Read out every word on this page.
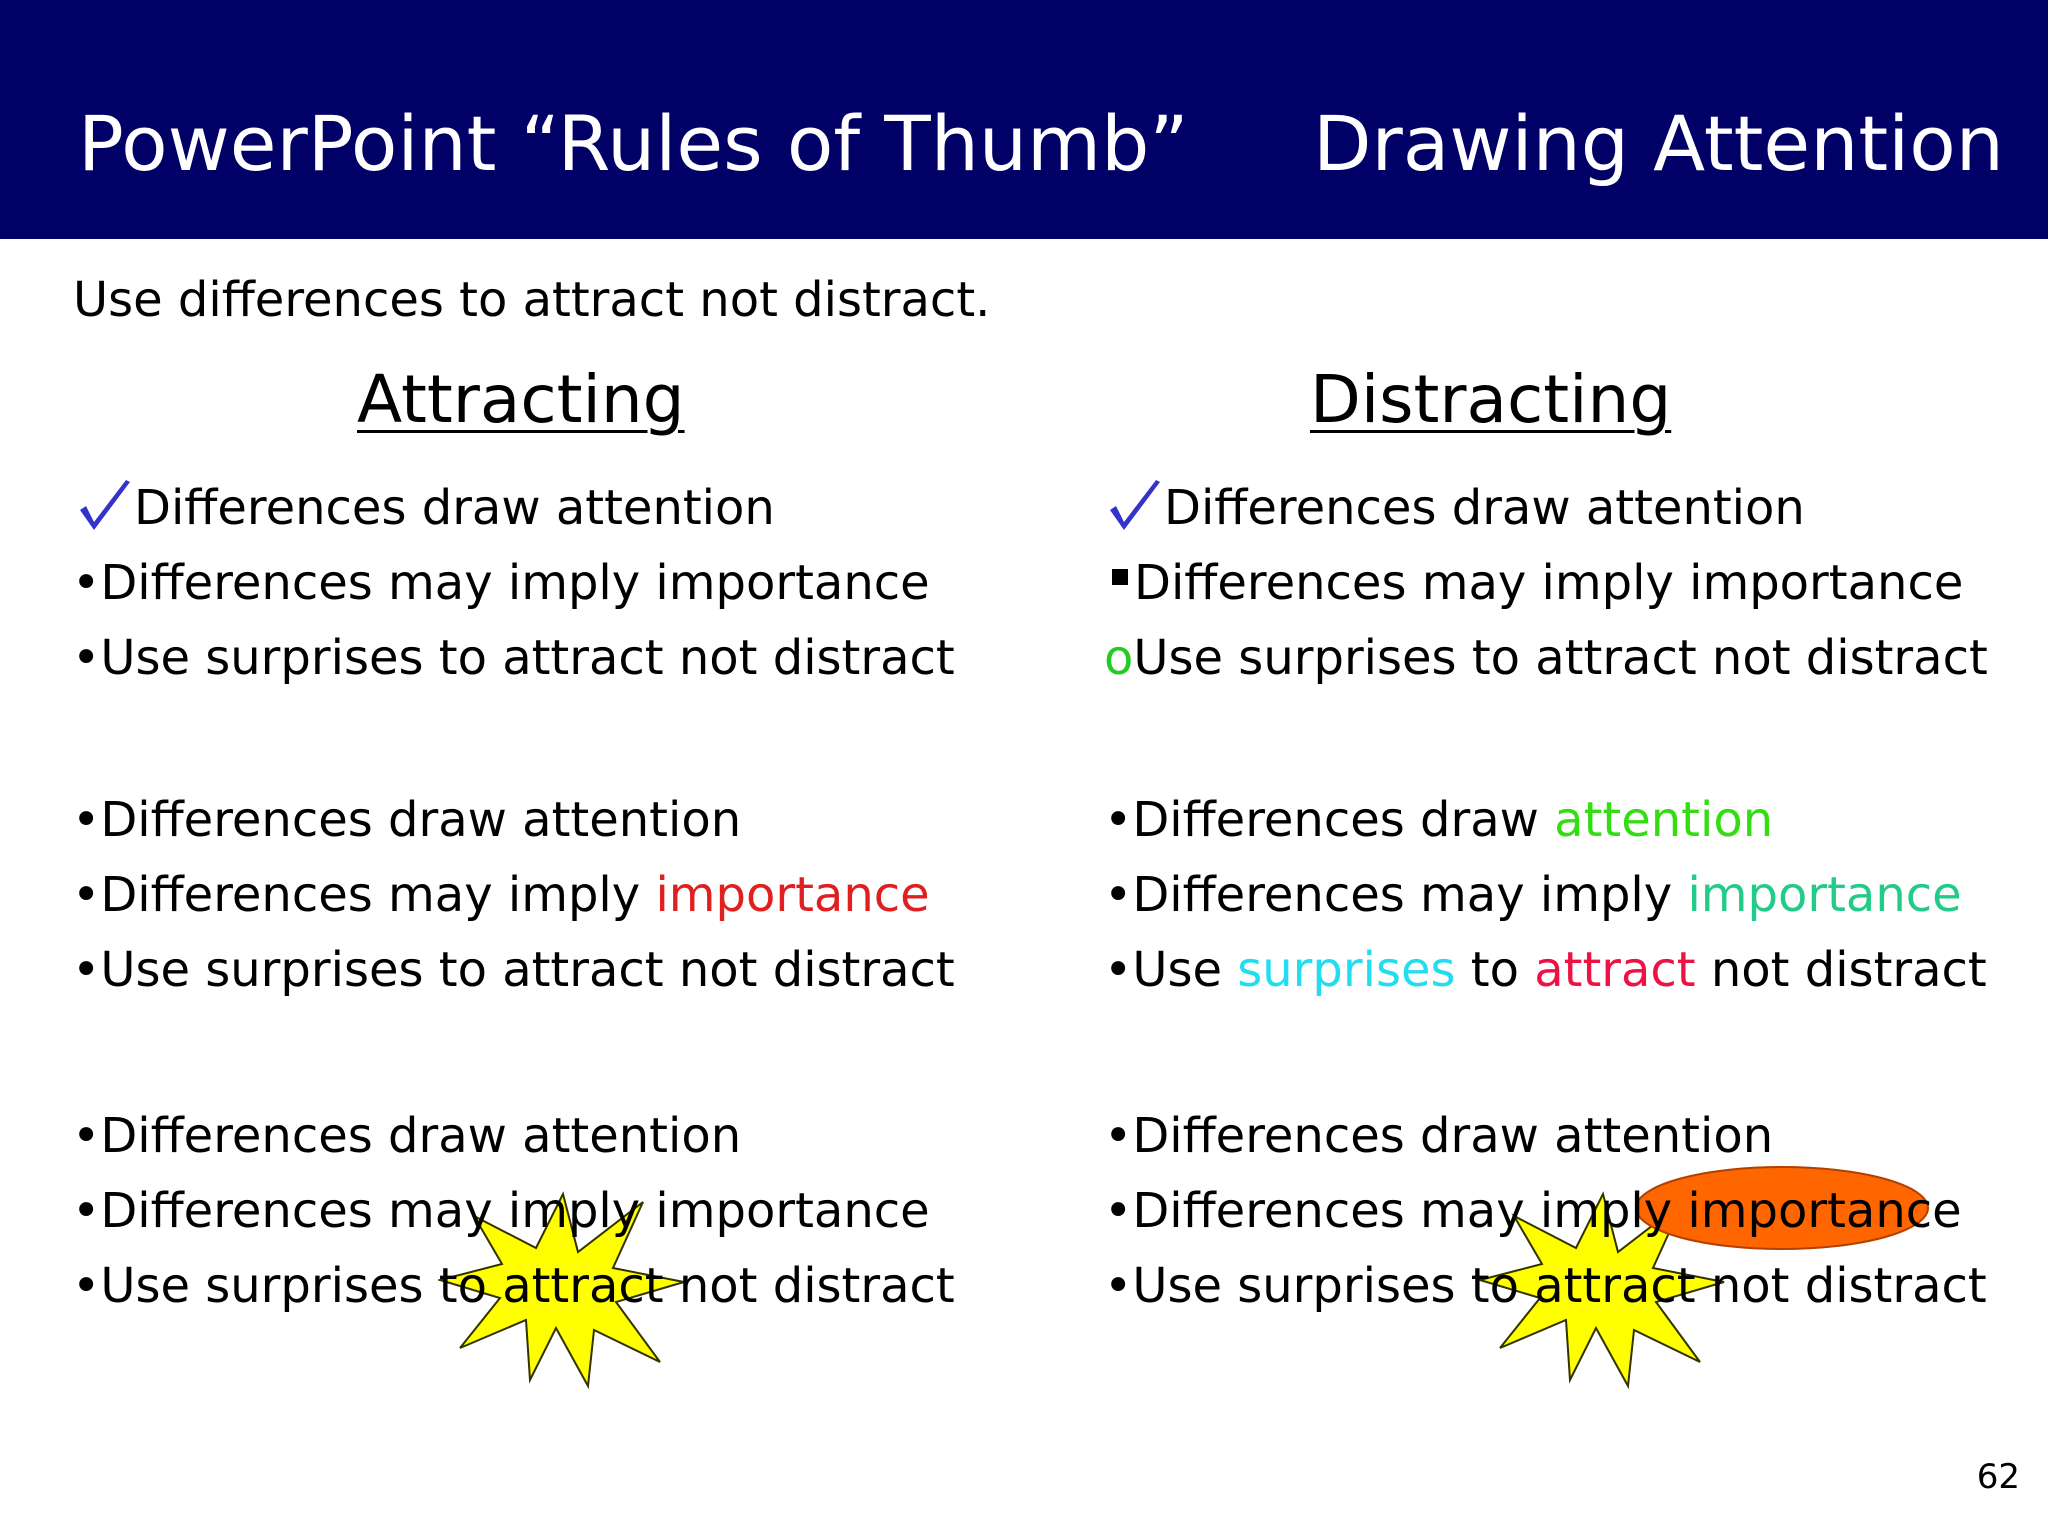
PowerPoint “Rules of Thumb” Drawing Attention
Use differences to attract not distract.
Attracting	Distracting
Differences draw attention
•Differences may imply importance
•Use surprises to attract not distract
Differences draw attention
Differences may imply importance
oUse surprises to attract not distract
•Differences draw attention
•Differences may imply importance
•Use surprises to attract not distract
•Differences draw attention
•Differences may imply importance
•Use surprises to attract not distract
•Differences draw attention
•Differences may imply importance
•Use surprises to attract not distract
•Differences draw attention
•Differences may imply importance
•Use surprises to attract not distract
62
